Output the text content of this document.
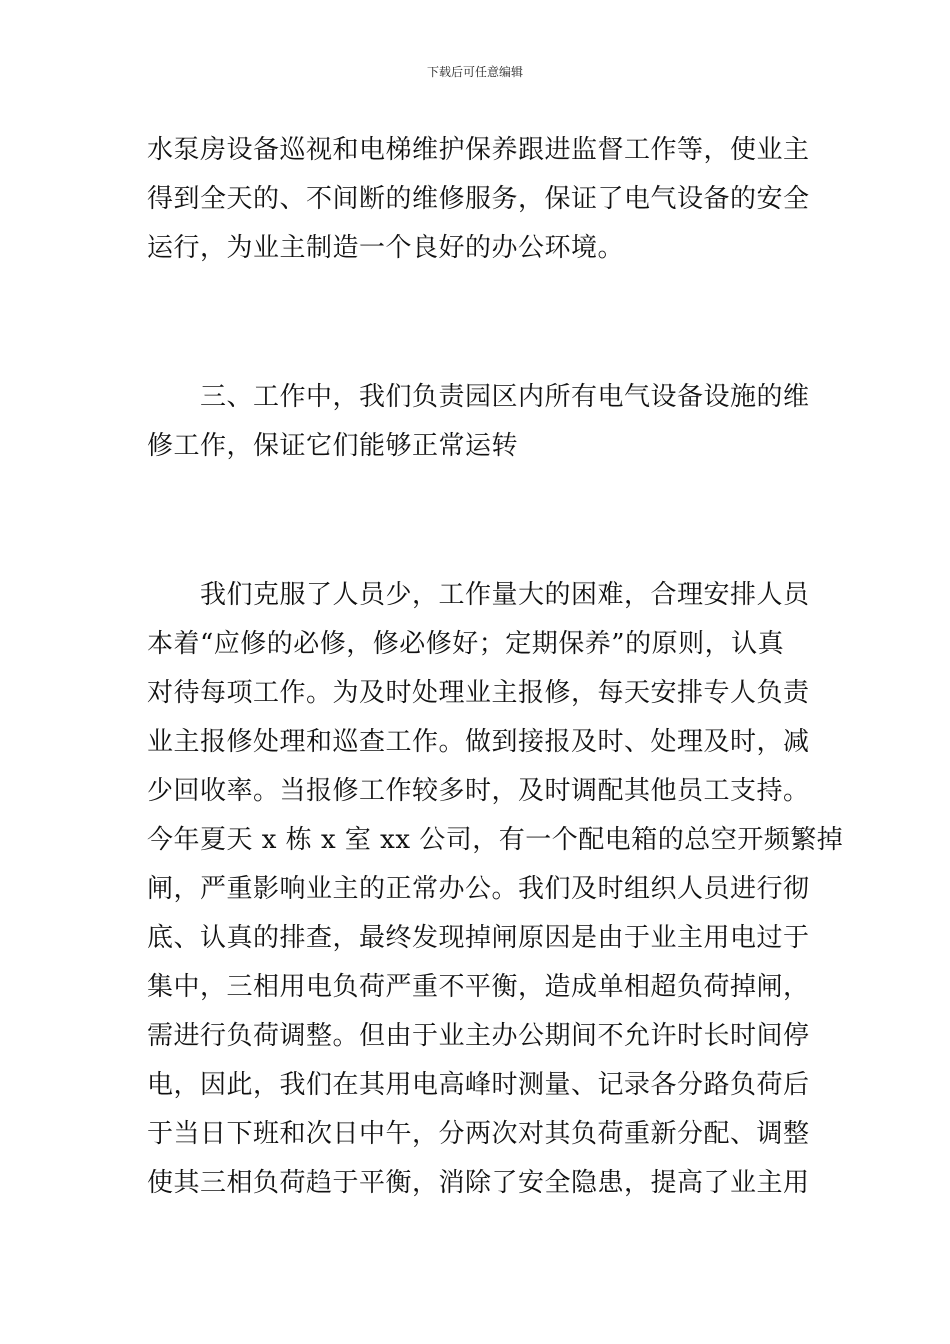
下载后可任意编辑
水泵房设备巡视和电梯维护保养跟进监督工作等，使业主
得到全天的、不间断的维修服务，保证了电气设备的安全
运行，为业主制造一个良好的办公环境。
　　三、工作中，我们负责园区内所有电气设备设施的维
修工作，保证它们能够正常运转
　　我们克服了人员少，工作量大的困难，合理安排人员
本着“应修的必修，修必修好；定期保养”的原则，认真
对待每项工作。为及时处理业主报修，每天安排专人负责
业主报修处理和巡查工作。做到接报及时、处理及时，减
少回收率。当报修工作较多时，及时调配其他员工支持。
今年夏天 x 栋 x 室 xx 公司，有一个配电箱的总空开频繁掉
闸，严重影响业主的正常办公。我们及时组织人员进行彻
底、认真的排查，最终发现掉闸原因是由于业主用电过于
集中，三相用电负荷严重不平衡，造成单相超负荷掉闸，
需进行负荷调整。但由于业主办公期间不允许时长时间停
电，因此，我们在其用电高峰时测量、记录各分路负荷后
于当日下班和次日中午，分两次对其负荷重新分配、调整
使其三相负荷趋于平衡，消除了安全隐患，提高了业主用
